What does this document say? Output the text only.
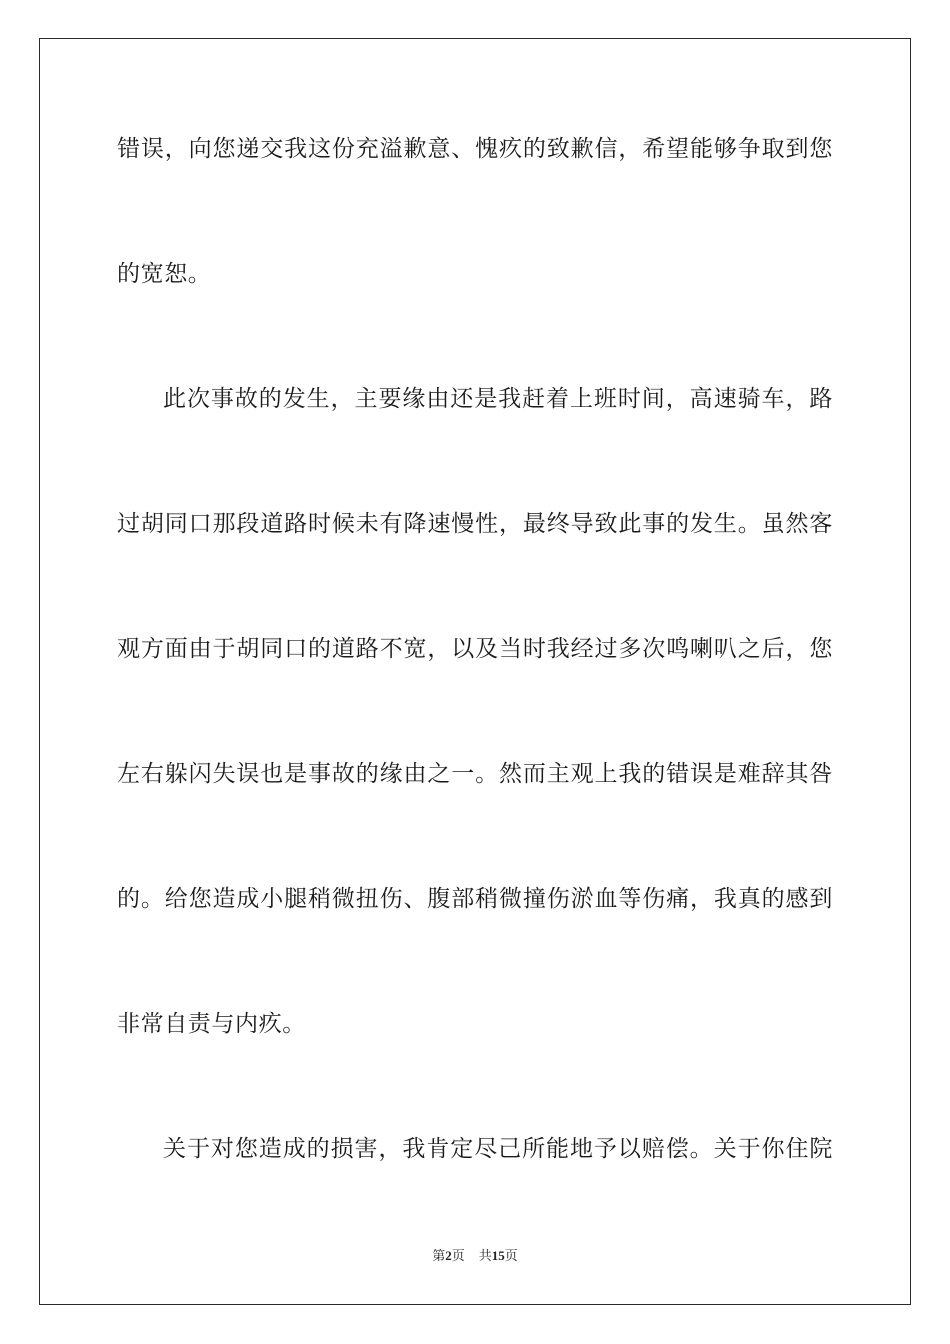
错误，向您递交我这份充溢歉意、愧疚的致歉信，希望能够争取到您
的宽恕。
此次事故的发生，主要缘由还是我赶着上班时间，高速骑车，路
过胡同口那段道路时候未有降速慢性，最终导致此事的发生。虽然客
观方面由于胡同口的道路不宽，以及当时我经过多次鸣喇叭之后，您
左右躲闪失误也是事故的缘由之一。然而主观上我的错误是难辞其咎
的。给您造成小腿稍微扭伤、腹部稍微撞伤淤血等伤痛，我真的感到
非常自责与内疚。
关于对您造成的损害，我肯定尽己所能地予以赔偿。关于你住院
第2页 共15页
